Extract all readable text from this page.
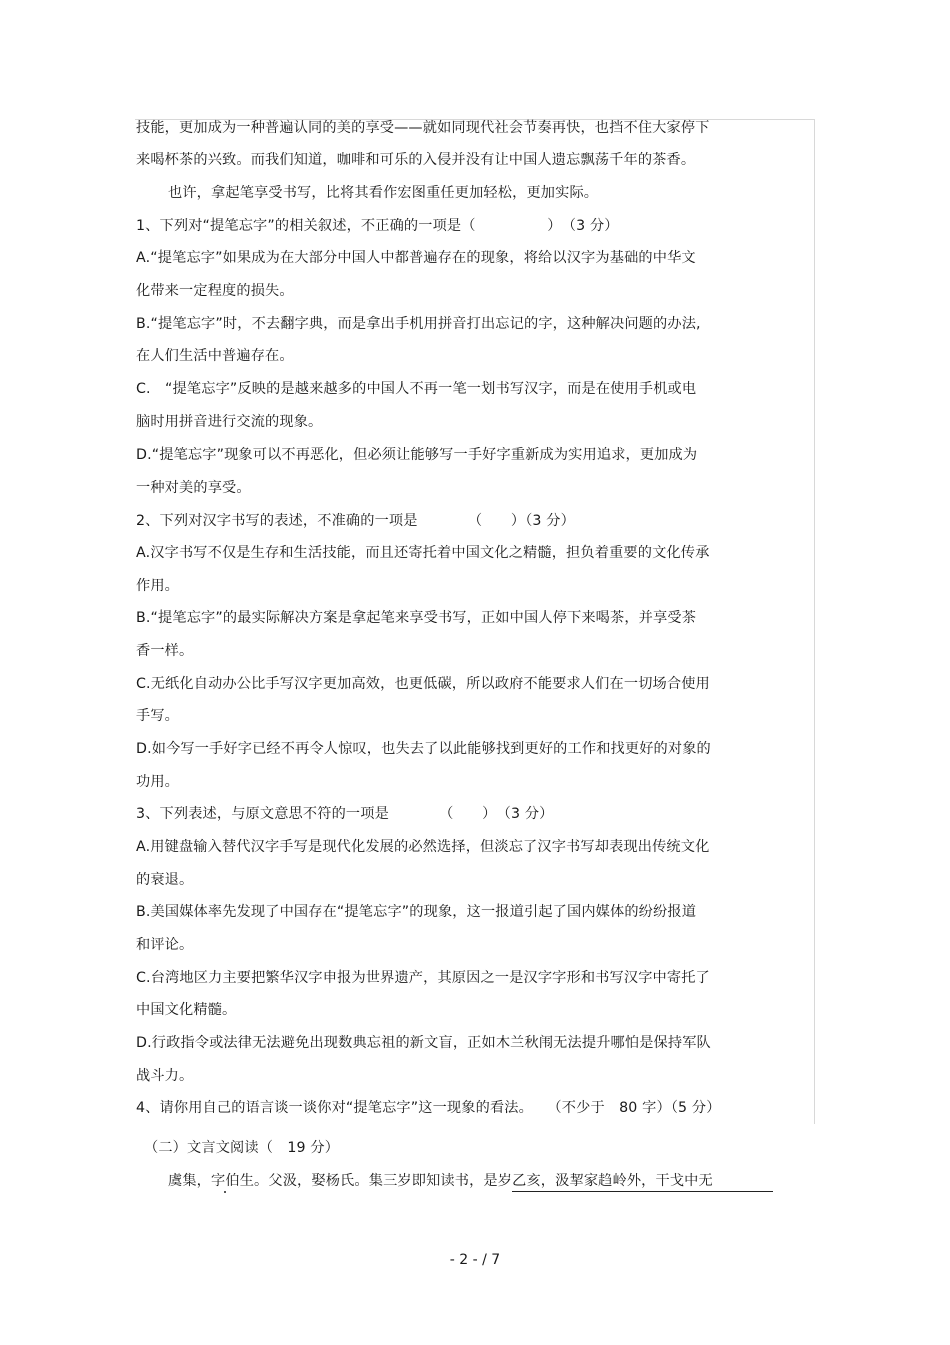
技能，更加成为一种普遍认同的美的享受——就如同现代社会节奏再快，也挡不住大家停下
来喝杯茶的兴致。而我们知道，咖啡和可乐的入侵并没有让中国人遗忘飘荡千年的茶香。
也许，拿起笔享受书写，比将其看作宏图重任更加轻松，更加实际。
1、下列对“提笔忘字”的相关叙述，不正确的一项是（　　　　　）　（3 分）
A.“提笔忘字”如果成为在大部分中国人中都普遍存在的现象，将给以汉字为基础的中华文
化带来一定程度的损失。
B.“提笔忘字”时，不去翻字典，而是拿出手机用拼音打出忘记的字，这种解决问题的办法,
在人们生活中普遍存在。
C.　“提笔忘字”反映的是越来越多的中国人不再一笔一划书写汉字，而是在使用手机或电
脑时用拼音进行交流的现象。
D.“提笔忘字”现象可以不再恶化，但必须让能够写一手好字重新成为实用追求，更加成为
一种对美的享受。
2、下列对汉字书写的表述，不准确的一项是　　　　（　　）（3 分）
A.汉字书写不仅是生存和生活技能，而且还寄托着中国文化之精髓，担负着重要的文化传承
作用。
B.“提笔忘字”的最实际解决方案是拿起笔来享受书写，正如中国人停下来喝茶，并享受茶
香一样。
C.无纸化自动办公比手写汉字更加高效，也更低碳，所以政府不能要求人们在一切场合使用
手写。
D.如今写一手好字已经不再令人惊叹，也失去了以此能够找到更好的工作和找更好的对象的
功用。
3、下列表述，与原文意思不符的一项是　　　　（　　）　（3 分）
A.用键盘输入替代汉字手写是现代化发展的必然选择，但淡忘了汉字书写却表现出传统文化
的衰退。
B.美国媒体率先发现了中国存在“提笔忘字”的现象，这一报道引起了国内媒体的纷纷报道
和评论。
C.台湾地区力主要把繁华汉字申报为世界遗产，其原因之一是汉字字形和书写汉字中寄托了
中国文化精髓。
D.行政指令或法律无法避免出现数典忘祖的新文盲，正如木兰秋闱无法提升哪怕是保持军队
战斗力。
4、请你用自己的语言谈一谈你对“提笔忘字”这一现象的看法。　　（不少于　80 字）（5 分）
（二）文言文阅读（　19 分）
虞集，字伯生。父汲，娶杨氏。集三岁即知读书，是岁乙亥，汲挈家趋岭外，干戈中无
- 2 - / 7
